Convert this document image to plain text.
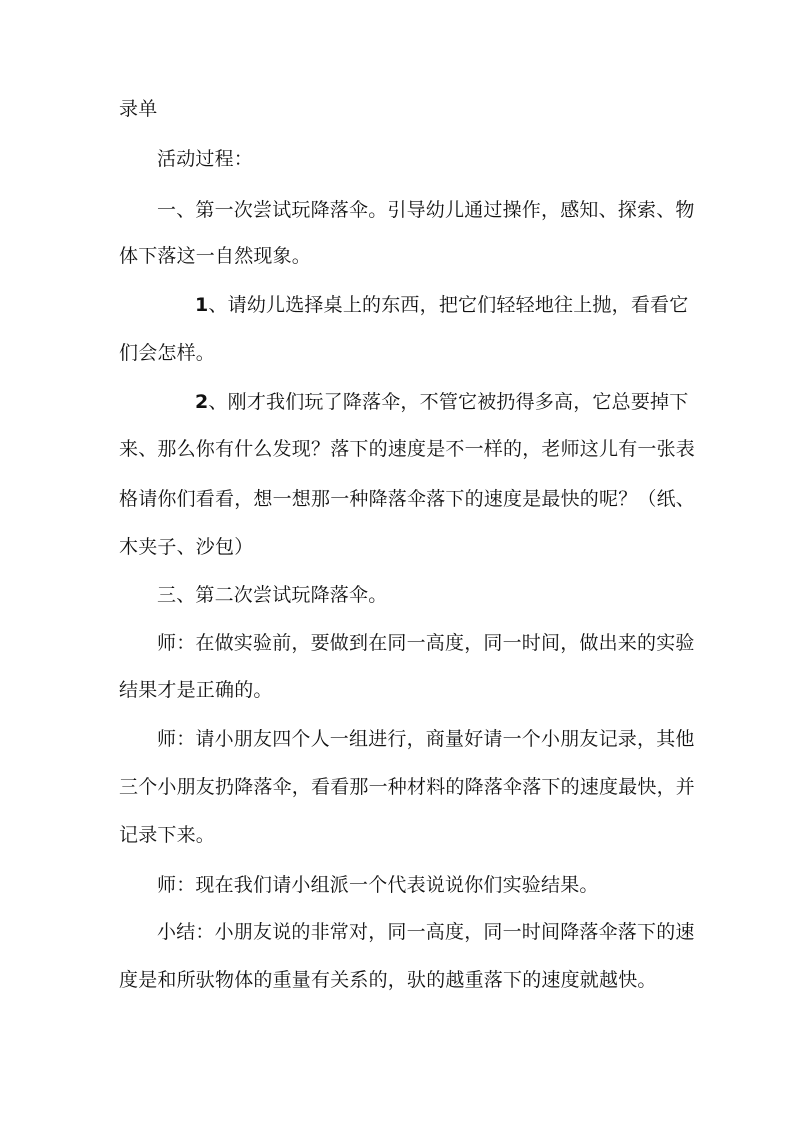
录单
活动过程：
一、第一次尝试玩降落伞。引导幼儿通过操作，感知、探索、物
体下落这一自然现象。
1、请幼儿选择桌上的东西，把它们轻轻地往上抛，看看它
们会怎样。
2、刚才我们玩了降落伞，不管它被扔得多高，它总要掉下
来、那么你有什么发现？落下的速度是不一样的，老师这儿有一张表
格请你们看看，想一想那一种降落伞落下的速度是最快的呢？（纸、
木夹子、沙包）
三、第二次尝试玩降落伞。
师：在做实验前，要做到在同一高度，同一时间，做出来的实验
结果才是正确的。
师：请小朋友四个人一组进行，商量好请一个小朋友记录，其他
三个小朋友扔降落伞，看看那一种材料的降落伞落下的速度最快，并
记录下来。
师：现在我们请小组派一个代表说说你们实验结果。
小结：小朋友说的非常对，同一高度，同一时间降落伞落下的速
度是和所驮物体的重量有关系的，驮的越重落下的速度就越快。
